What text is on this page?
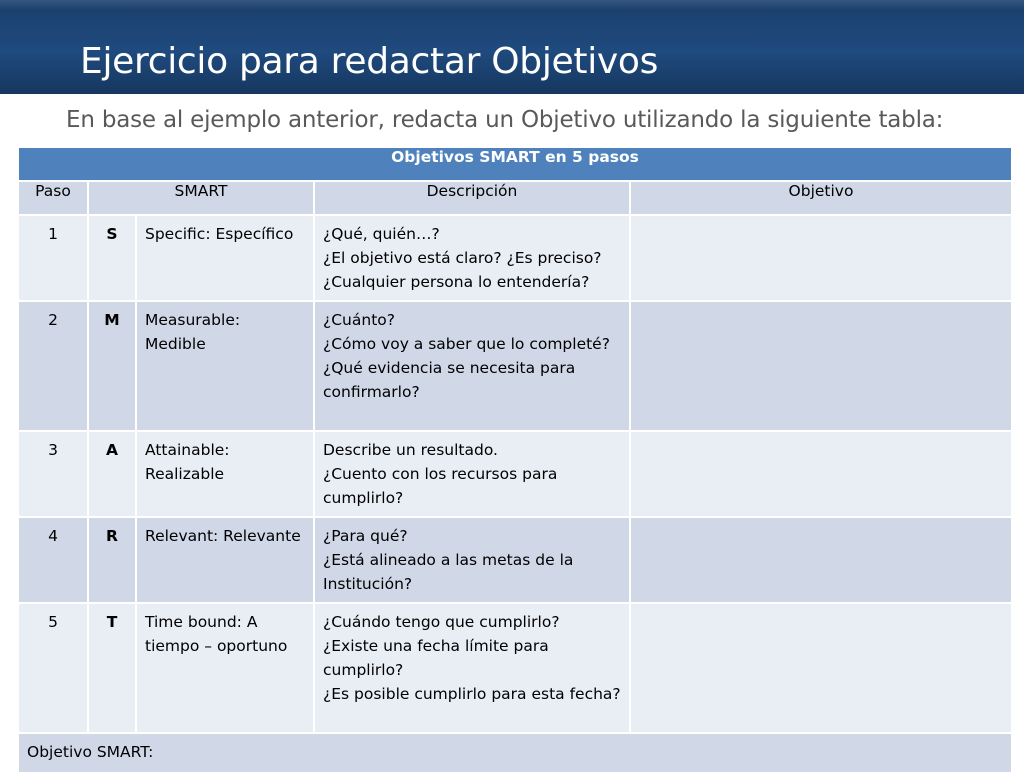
Ejercicio para redactar Objetivos
En base al ejemplo anterior, redacta un Objetivo utilizando la siguiente tabla:
Objetivos SMART en 5 pasos				
Paso	SMART		Descripción	Objetivo

1	S	Specific: Específico	¿Qué, quién…?
¿El objetivo está claro? ¿Es preciso?
¿Cualquier persona lo entendería?	

2	M	Measurable: Medible	¿Cuánto?
¿Cómo voy a saber que lo completé?
¿Qué evidencia se necesita para confirmarlo?	

3	A	Attainable: Realizable	Describe un resultado.
¿Cuento con los recursos para cumplirlo?	

4	R	Relevant: Relevante	¿Para qué?
¿Está alineado a las metas de la Institución?	

5	T	Time bound: A tiempo – oportuno	¿Cuándo tengo que cumplirlo?
¿Existe una fecha límite para cumplirlo?
¿Es posible cumplirlo para esta fecha?	

Objetivo SMART:				
